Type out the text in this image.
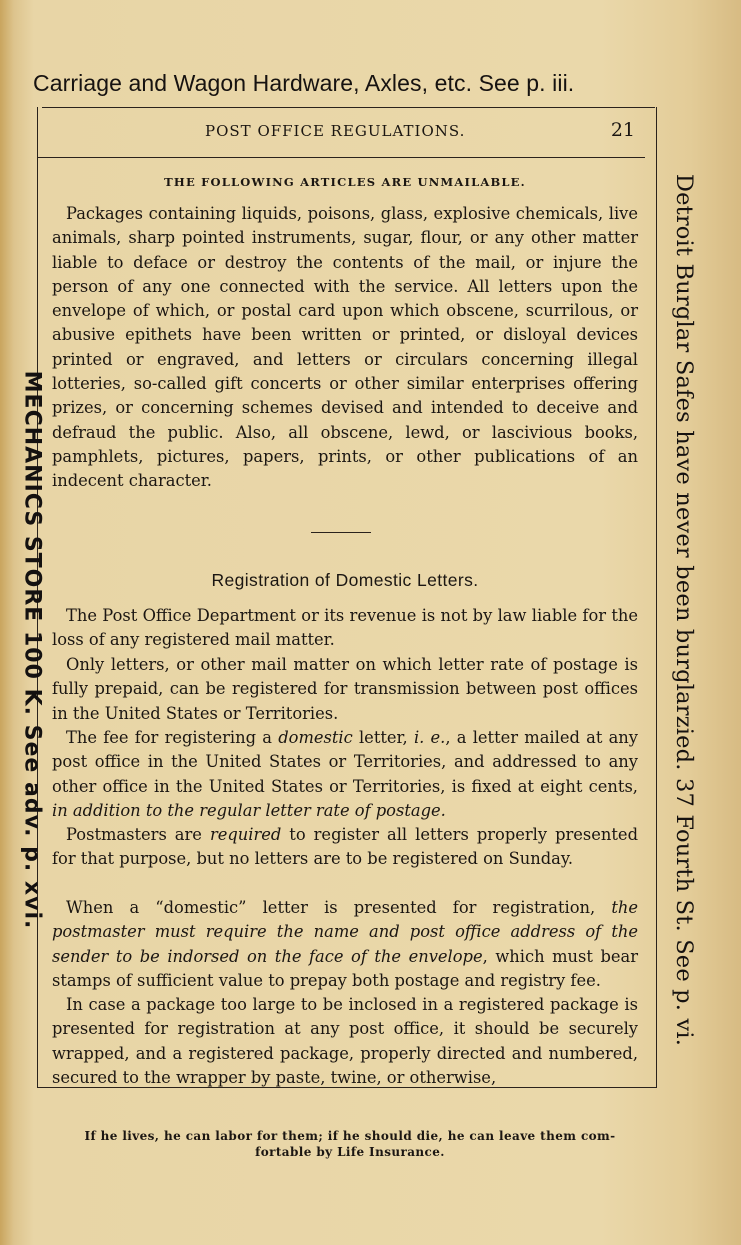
Carriage and Wagon Hardware, Axles, etc. See p. iii.
POST OFFICE REGULATIONS.	21
THE FOLLOWING ARTICLES ARE UNMAILABLE.

Packages containing liquids, poisons, glass, explosive chemicals, live animals, sharp pointed instruments, sugar, flour, or any other matter liable to deface or destroy the contents of the mail, or injure the person of any one connected with the service. All letters upon the envelope of which, or postal card upon which obscene, scurrilous, or abusive epithets have been written or printed, or disloyal devices printed or engraved, and letters or circulars concerning illegal lotteries, so-called gift concerts or other similar enterprises offering prizes, or concerning schemes devised and intended to deceive and defraud the public. Also, all obscene, lewd, or lascivious books, pamphlets, pictures, papers, prints, or other publications of an indecent character.

Registration of Domestic Letters.

The Post Office Department or its revenue is not by law liable for the loss of any registered mail matter.

Only letters, or other mail matter on which letter rate of postage is fully prepaid, can be registered for transmission between post offices in the United States or Territories.

The fee for registering a domestic letter, i. e., a letter mailed at any post office in the United States or Territories, and addressed to any other office in the United States or Territories, is fixed at eight cents, in addition to the regular letter rate of postage.

Postmasters are required to register all letters properly presented for that purpose, but no letters are to be registered on Sunday.

When a “domestic” letter is presented for registration, the postmaster must require the name and post office address of the sender to be indorsed on the face of the envelope, which must bear stamps of sufficient value to prepay both postage and registry fee.

In case a package too large to be inclosed in a registered package is presented for registration at any post office, it should be securely wrapped, and a registered package, properly directed and numbered, secured to the wrapper by paste, twine, or otherwise,

If he lives, he can labor for them; if he should die, he can leave them com-
fortable by Life Insurance.
MECHANICS STORE 100 K. See adv. p. xvi.	Detroit Burglar Safes have never been burglarzied. 37 Fourth St. See p. vi.
